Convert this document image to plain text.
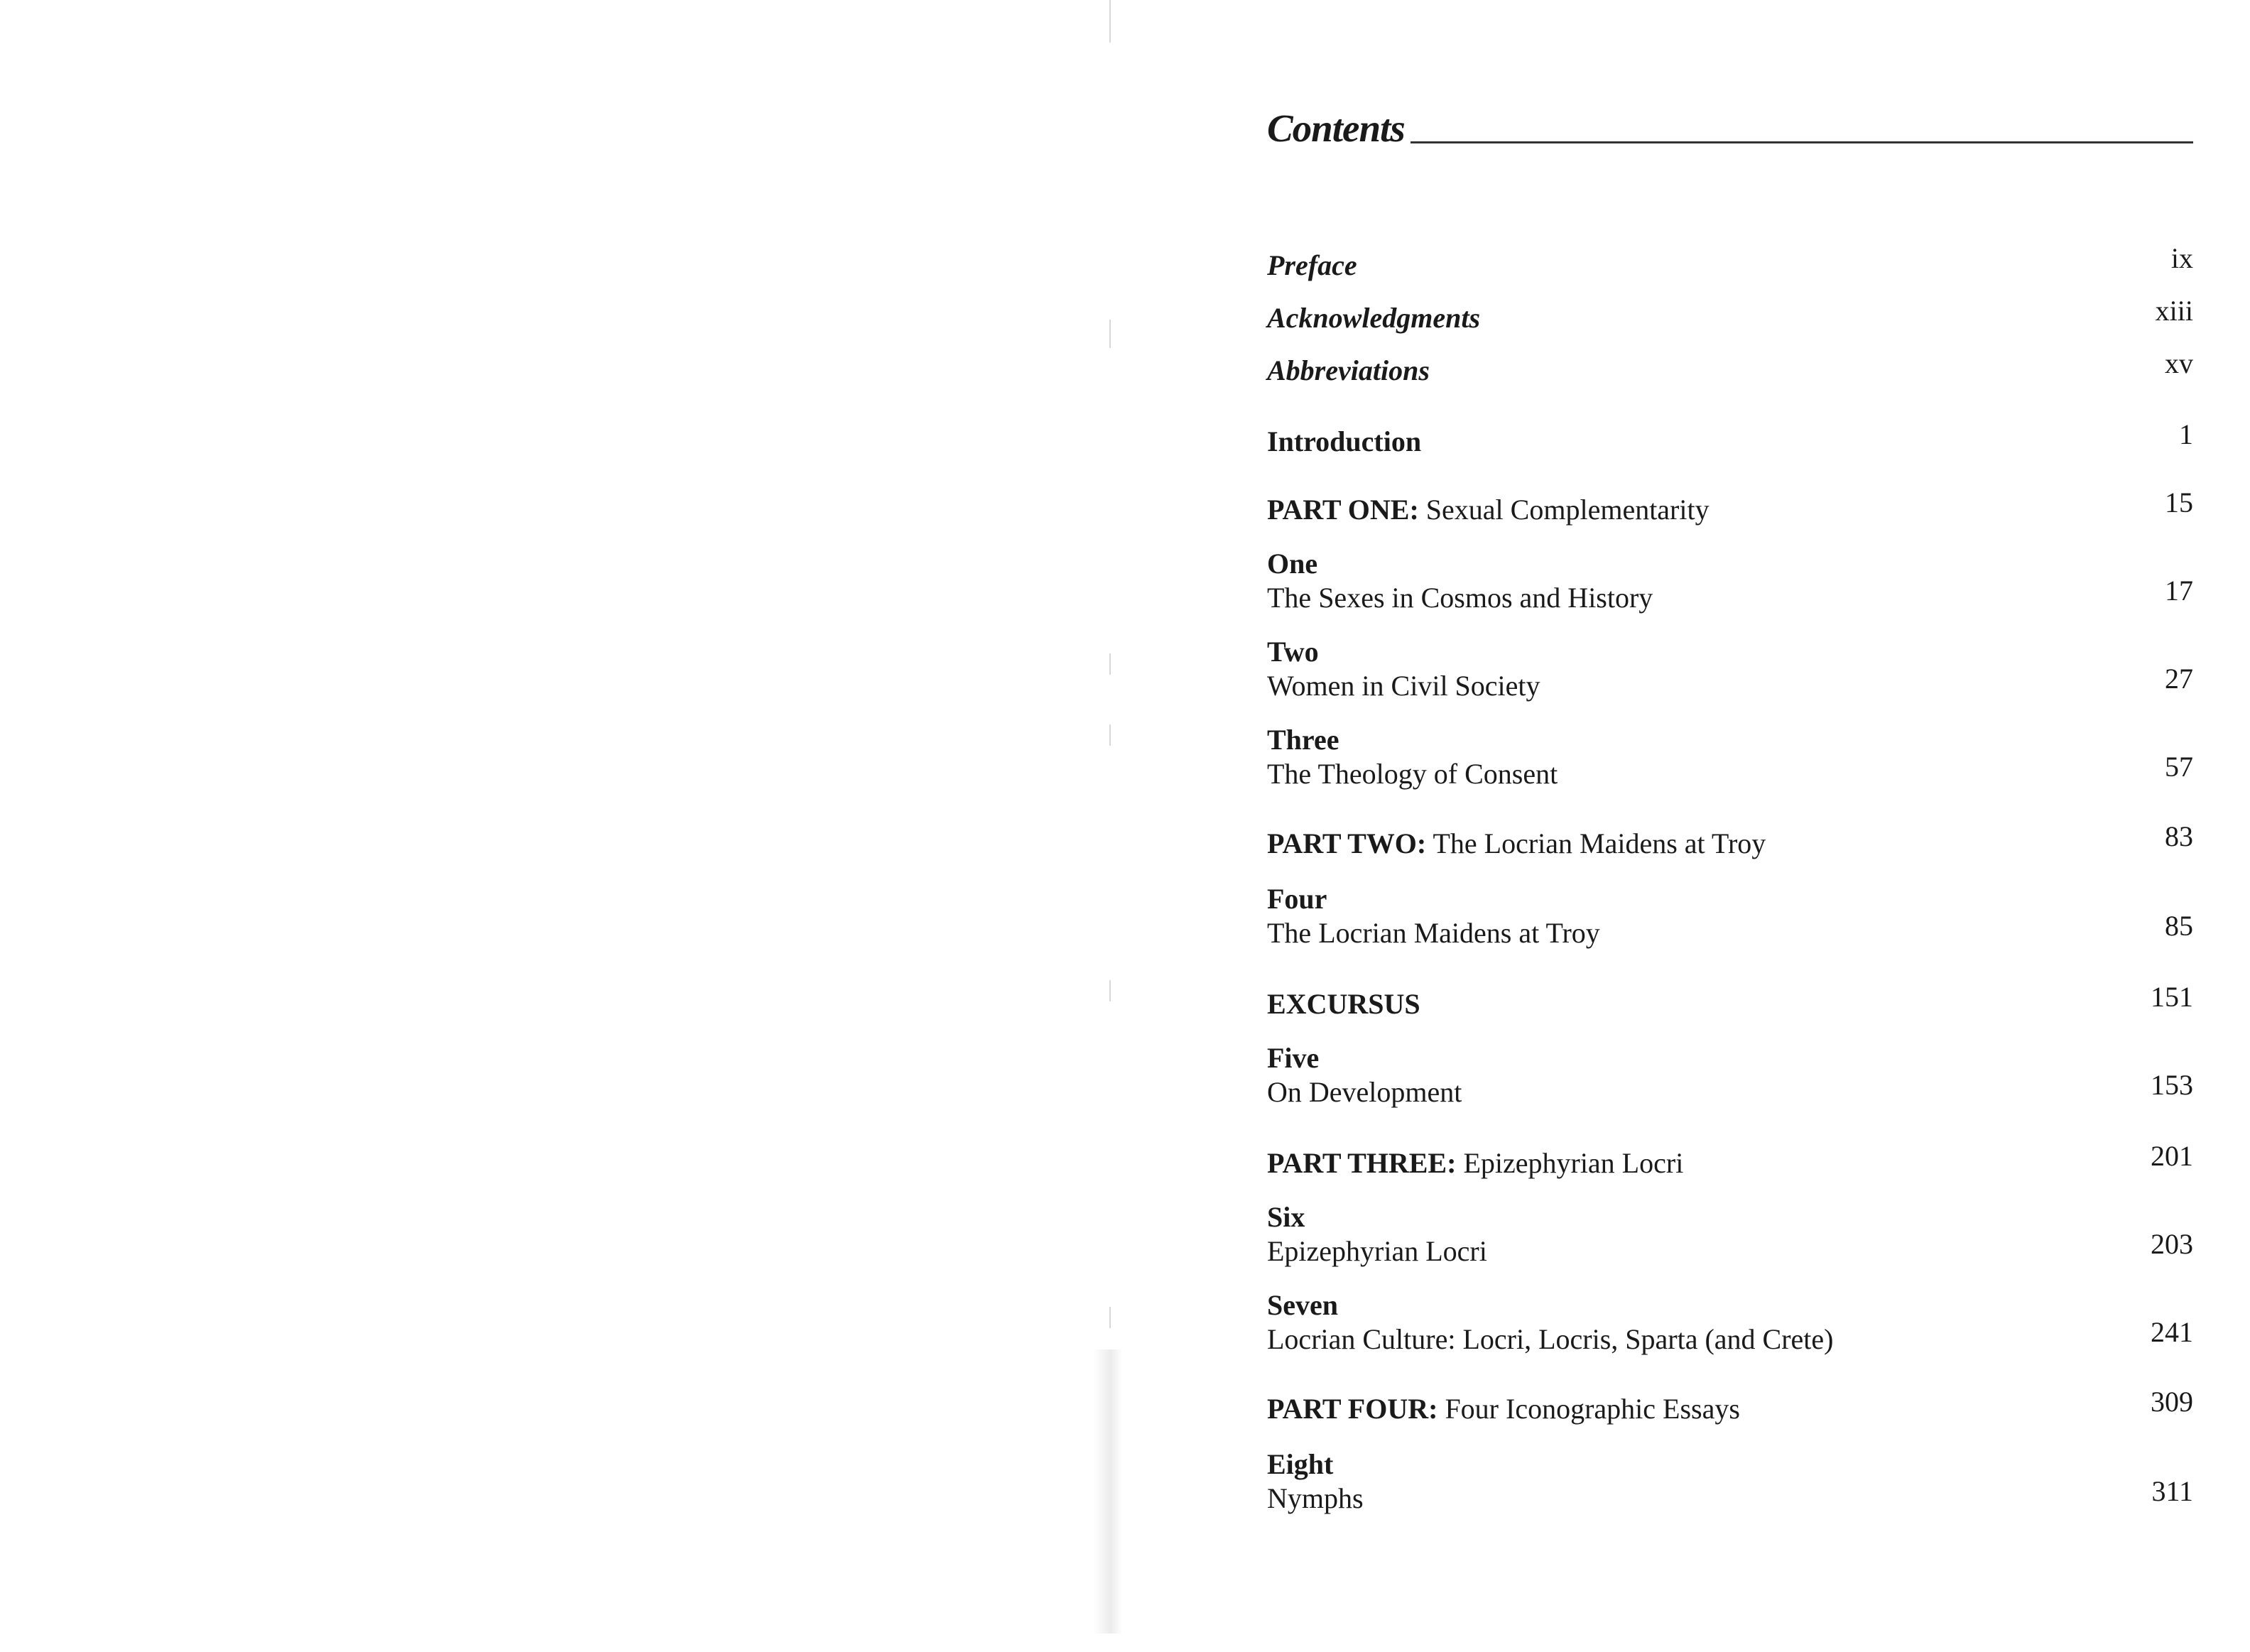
Contents
Preface	ix
Acknowledgments	xiii
Abbreviations	xv
Introduction	1
PART ONE: Sexual Complementarity	15
One
The Sexes in Cosmos and History	17
Two
Women in Civil Society	27
Three
The Theology of Consent	57
PART TWO: The Locrian Maidens at Troy	83
Four
The Locrian Maidens at Troy	85
EXCURSUS	151
Five
On Development	153
PART THREE: Epizephyrian Locri	201
Six
Epizephyrian Locri	203
Seven
Locrian Culture: Locri, Locris, Sparta (and Crete)	241
PART FOUR: Four Iconographic Essays	309
Eight
Nymphs	311
